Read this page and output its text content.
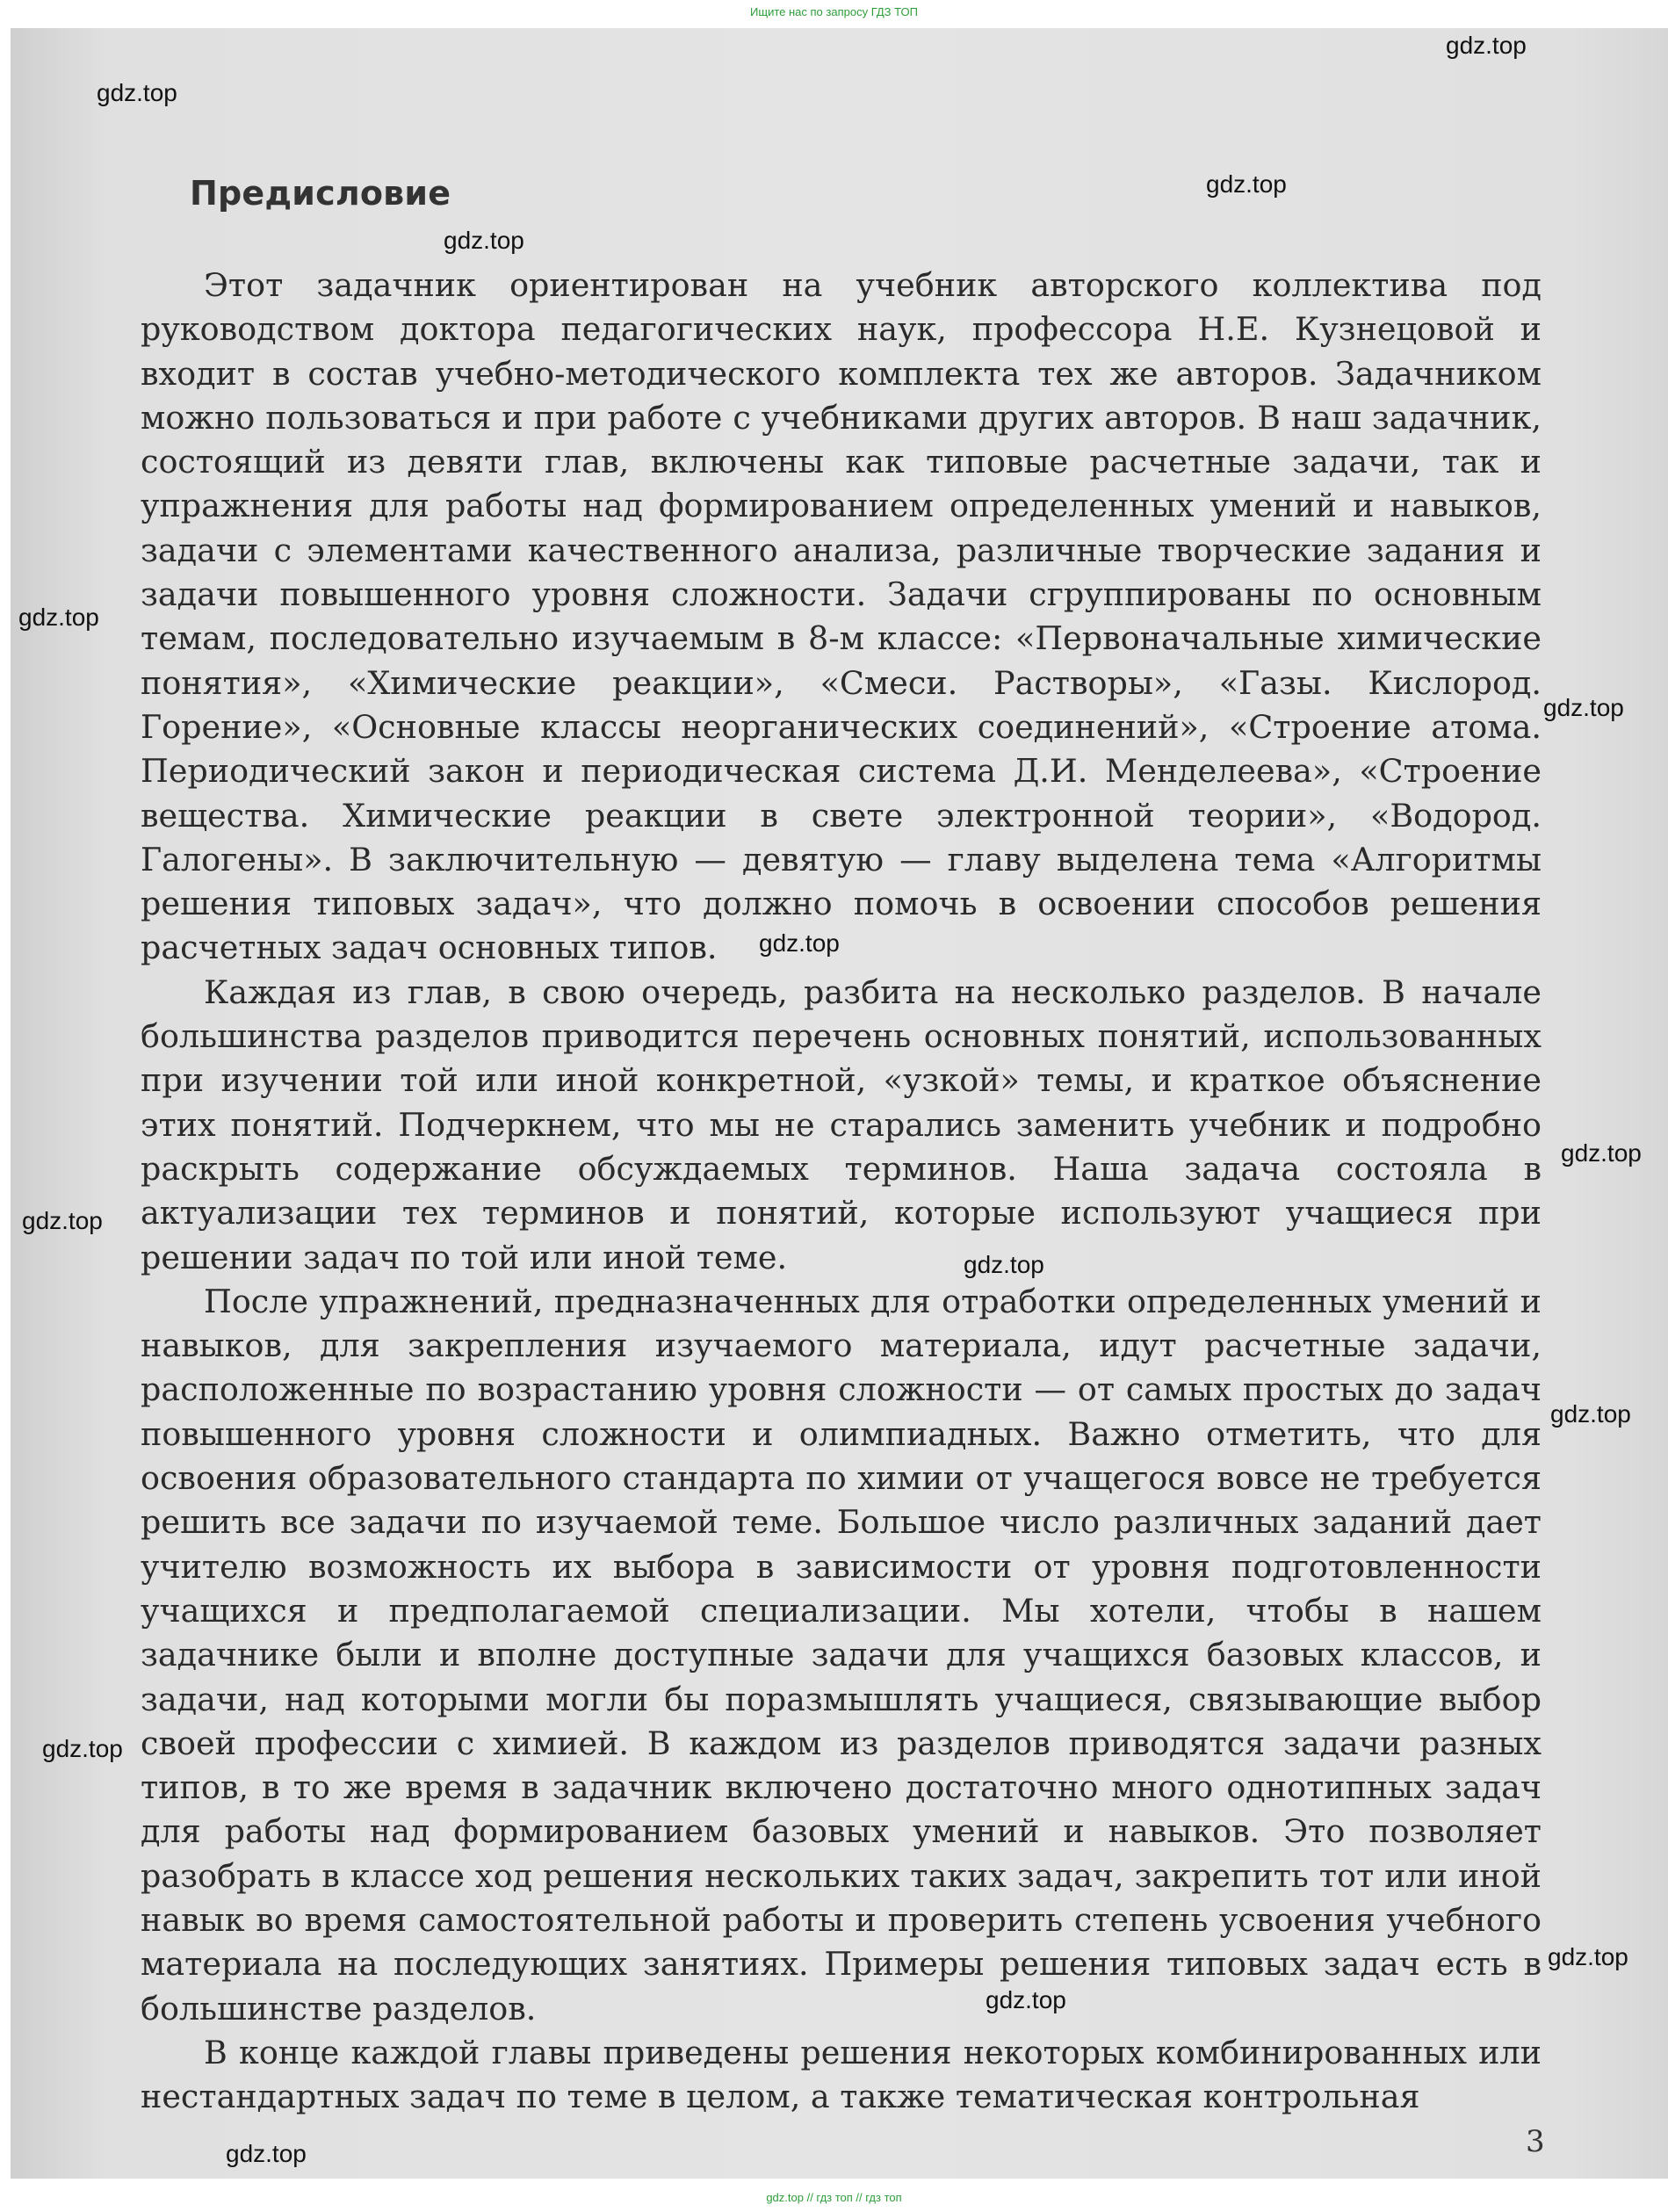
Ищите нас по запросу ГДЗ ТОП
Предисловие

Этот задачник ориентирован на учебник авторского коллектива под руководством доктора педагогических наук, профессора Н.Е. Кузнецовой и входит в состав учебно-методического комплекта тех же авторов. Задачником можно пользоваться и при работе с учебниками других авторов. В наш задачник, состоящий из девяти глав, включены как типовые расчетные задачи, так и упражнения для работы над формированием определенных умений и навыков, задачи с элементами качественного анализа, различные творческие задания и задачи повышенного уровня сложности. Задачи сгруппированы по основным темам, последовательно изучаемым в 8-м классе: «Первоначальные химические понятия», «Химические реакции», «Смеси. Растворы», «Газы. Кислород. Горение», «Основные классы неорганических соединений», «Строение атома. Периодический закон и периодическая система Д.И. Менделеева», «Строение вещества. Химические реакции в свете электронной теории», «Водород. Галогены». В заключительную — девятую — главу выделена тема «Алгоритмы решения типовых задач», что должно помочь в освоении способов решения расчетных задач основных типов.

Каждая из глав, в свою очередь, разбита на несколько разделов. В начале большинства разделов приводится перечень основных понятий, использованных при изучении той или иной конкретной, «узкой» темы, и краткое объяснение этих понятий. Подчеркнем, что мы не старались заменить учебник и подробно раскрыть содержание обсуждаемых терминов. Наша задача состояла в актуализации тех терминов и понятий, которые используют учащиеся при решении задач по той или иной теме.

После упражнений, предназначенных для отработки определенных умений и навыков, для закрепления изучаемого материала, идут расчетные задачи, расположенные по возрастанию уровня сложности — от самых простых до задач повышенного уровня сложности и олимпиадных. Важно отметить, что для освоения образовательного стандарта по химии от учащегося вовсе не требуется решить все задачи по изучаемой теме. Большое число различных заданий дает учителю возможность их выбора в зависимости от уровня подготовленности учащихся и предполагаемой специализации. Мы хотели, чтобы в нашем задачнике были и вполне доступные задачи для учащихся базовых классов, и задачи, над которыми могли бы поразмышлять учащиеся, связывающие выбор своей профессии с химией. В каждом из разделов приводятся задачи разных типов, в то же время в задачник включено достаточно много однотипных задач для работы над формированием базовых умений и навыков. Это позволяет разобрать в классе ход решения нескольких таких задач, закрепить тот или иной навык во время самостоятельной работы и проверить степень усвоения учебного материала на последующих занятиях. Примеры решения типовых задач есть в большинстве разделов.

В конце каждой главы приведены решения некоторых комбинированных или нестандартных задач по теме в целом, а также тематическая контрольная

3
gdz.top
gdz.top
gdz.top
gdz.top
gdz.top
gdz.top
gdz.top
gdz.top
gdz.top
gdz.top
gdz.top
gdz.top
gdz.top
gdz.top
gdz.top
gdz.top // гдз топ // гдз топ
